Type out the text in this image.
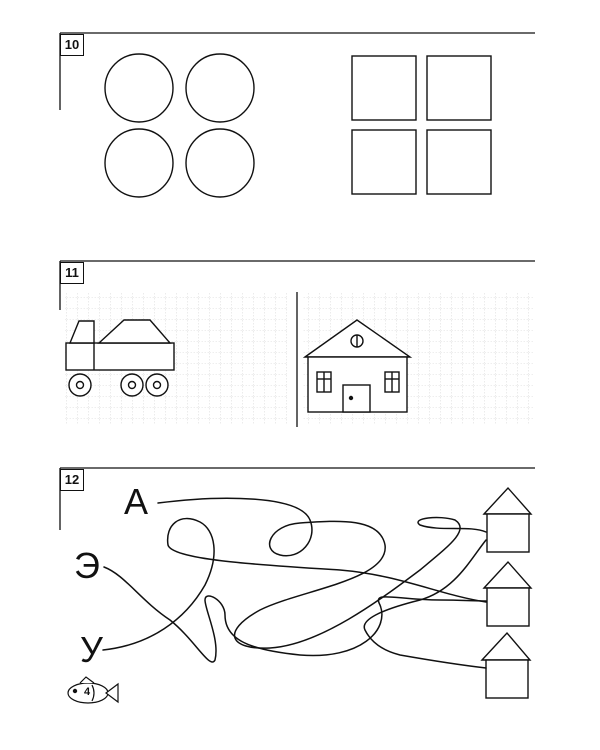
10
11
12
А
Э
У
4
